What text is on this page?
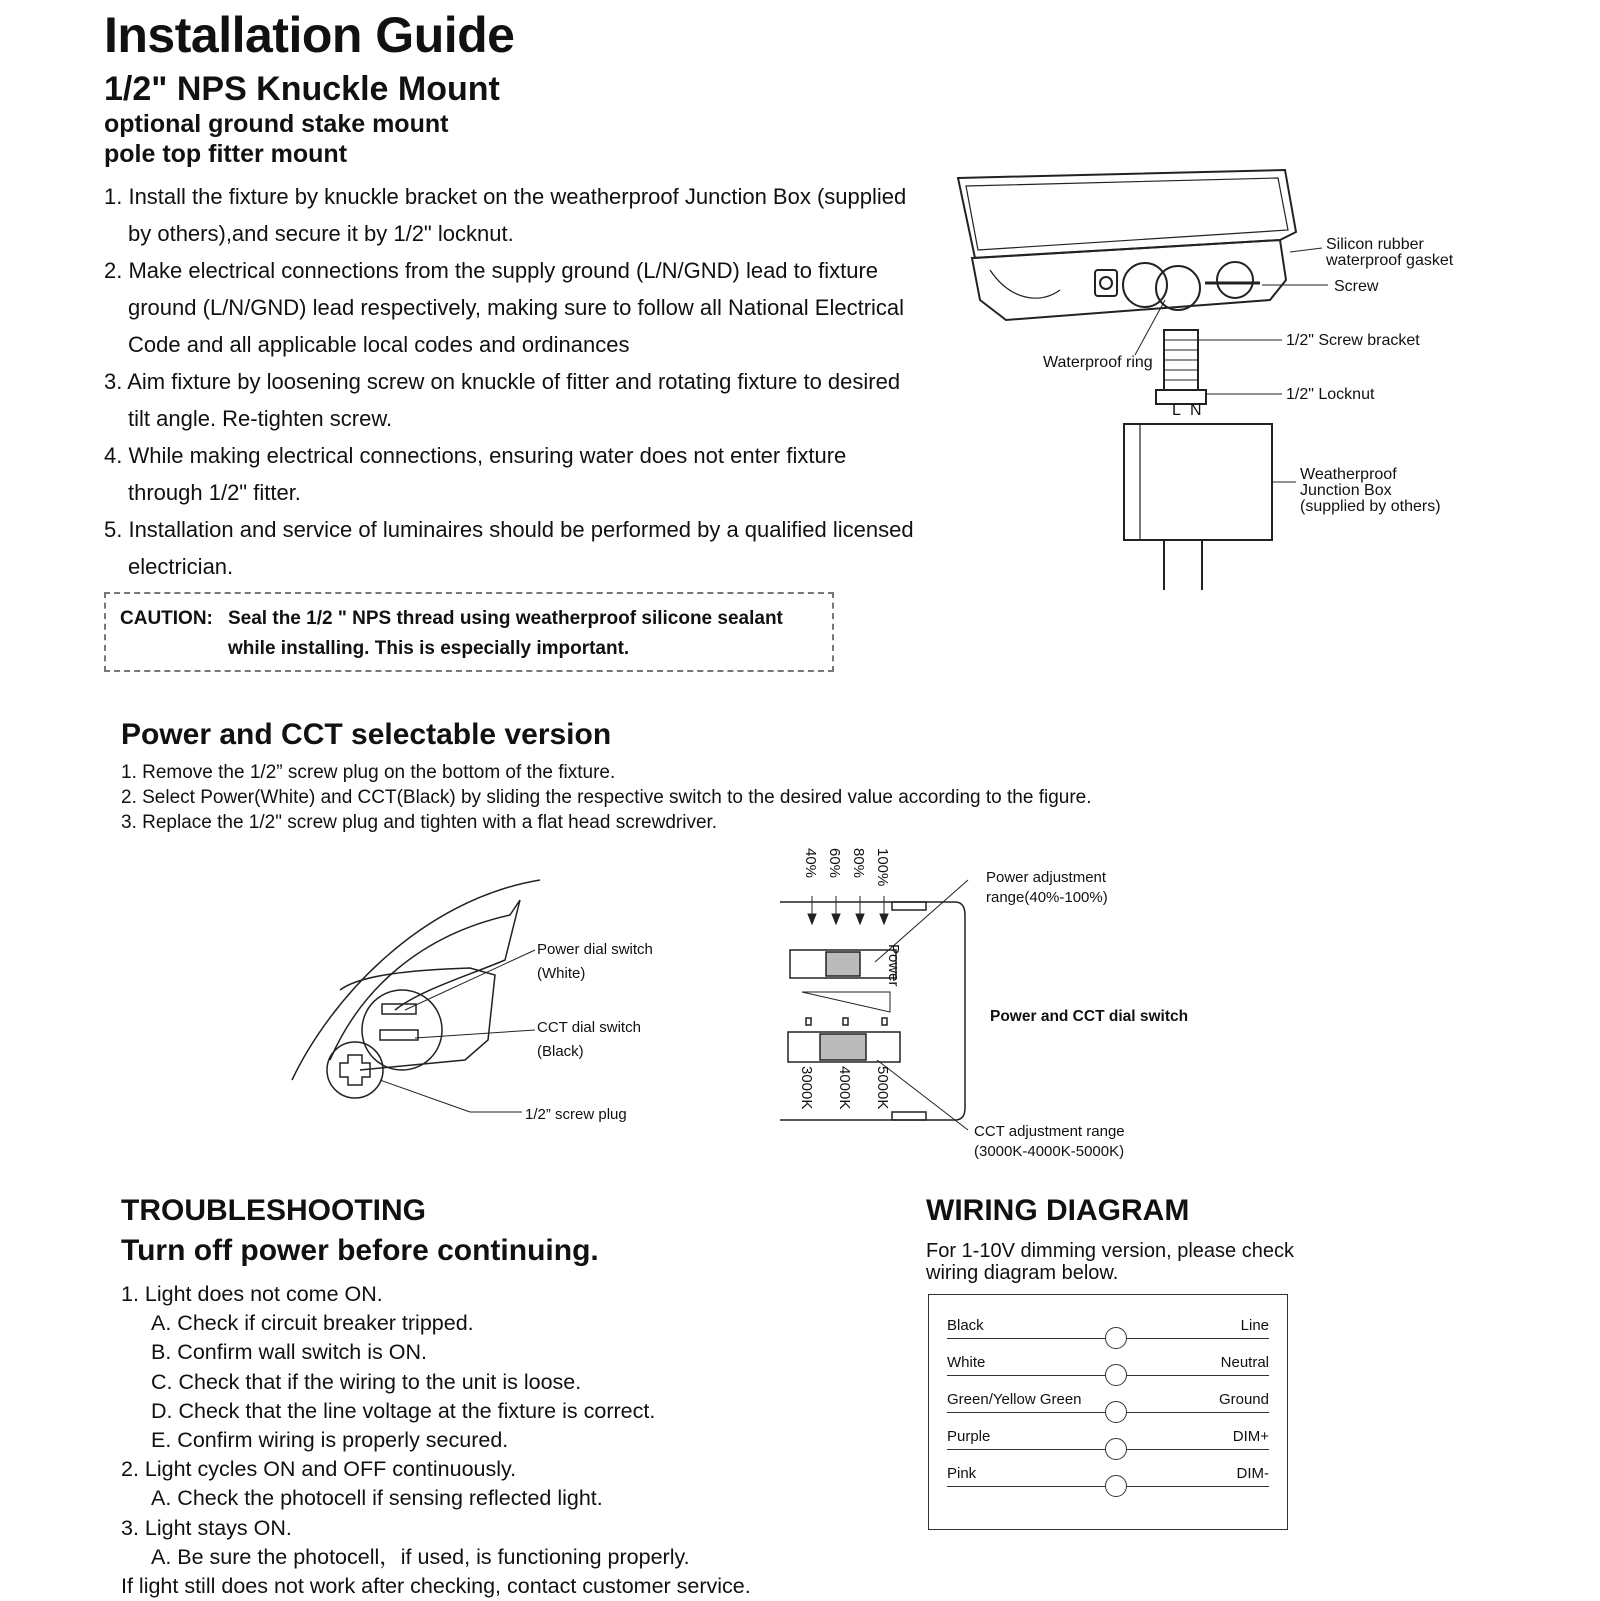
Installation Guide
1/2" NPS Knuckle Mount
optional ground stake mount
pole top fitter mount
1. Install the fixture by knuckle bracket on the weatherproof Junction Box (supplied by others),and secure it by 1/2" locknut.
2. Make electrical connections from the supply ground (L/N/GND) lead to fixture ground (L/N/GND) lead respectively, making sure to follow all National Electrical Code and all applicable local codes and ordinances
3. Aim fixture by loosening screw on knuckle of fitter and rotating fixture to desired tilt angle. Re-tighten screw.
4. While making electrical connections, ensuring water does not enter fixture through 1/2" fitter.
5. Installation and service of luminaires should be performed by a qualified licensed electrician.
CAUTION: Seal the 1/2 " NPS thread using weatherproof silicone sealant
while installing. This is especially important.
Silicon rubber
waterproof gasket
Screw
1/2" Screw bracket
Waterproof ring
1/2" Locknut
L N
Weatherproof
Junction Box
(supplied by others)
Power and CCT selectable version
1. Remove the 1/2” screw plug on the bottom of the fixture.
2. Select Power(White) and CCT(Black) by sliding the respective switch to the desired value according to the figure.
3. Replace the 1/2" screw plug and tighten with a flat head screwdriver.
Power dial switch
(White)
CCT dial switch
(Black)
1/2” screw plug
40% 60% 80% 100%
Power
Power adjustment
range(40%-100%)
Power and CCT dial switch
3000K 4000K 5000K
CCT adjustment range
(3000K-4000K-5000K)
TROUBLESHOOTING
Turn off power before continuing.
1. Light does not come ON.
A. Check if circuit breaker tripped.
B. Confirm wall switch is ON.
C. Check that if the wiring to the unit is loose.
D. Check that the line voltage at the fixture is correct.
E. Confirm wiring is properly secured.
2. Light cycles ON and OFF continuously.
A. Check the photocell if sensing reflected light.
3. Light stays ON.
A. Be sure the photocell，if used, is functioning properly.
If light still does not work after checking, contact customer service.
WIRING DIAGRAM
For 1-10V dimming version, please check
wiring diagram below.
Black	Line
White	Neutral
Green/Yellow Green	Ground
Purple	DIM+
Pink	DIM-
